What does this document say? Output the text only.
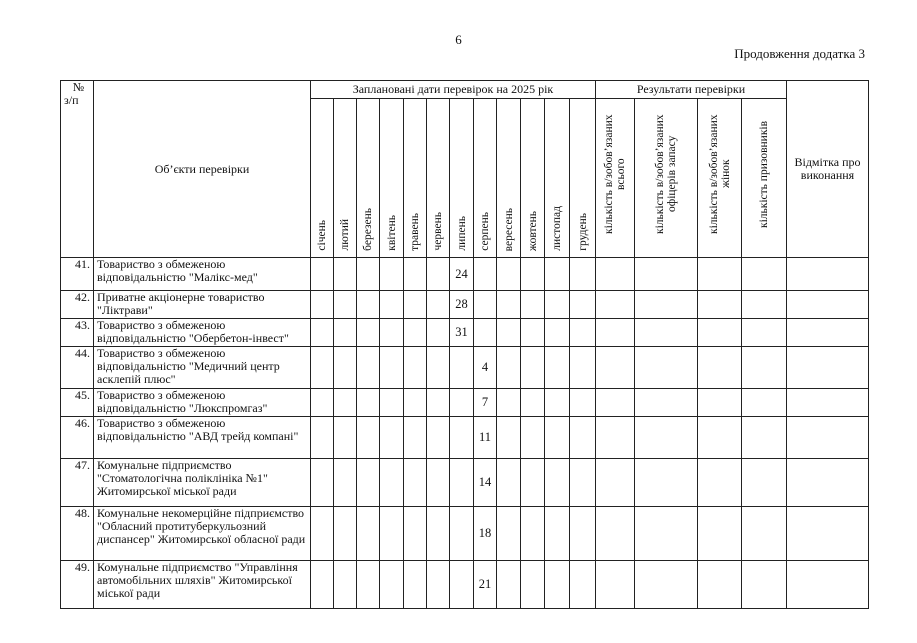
6
Продовження додатка 3
№
з/п	Об’єкти перевірки	Заплановані дати перевірок на 2025 рік												Результати перевірки				Відмітка про виконання

		січень	лютий	березень	квітень	травень	червень	липень	серпень	вересень	жовтень	листопад	грудень	кількість в/зобов’язаних всього	кількість в/зобов’язаних офіцерів запасу	кількість в/зобов’язаних жінок	кількість призовників	

41.	Товариство з обмеженою відповідальністю "Малікс-мед"							24										
42.	Приватне акціонерне товариство "Ліктрави"							28										
43.	Товариство з обмеженою відповідальністю "Обербетон-інвест"							31										
44.	Товариство з обмеженою відповідальністю "Медичний центр асклепій плюс"								4									
45.	Товариство з обмеженою відповідальністю "Люкспромгаз"								7									
46.	Товариство з обмеженою відповідальністю "АВД трейд компані"								11									
47.	Комунальне підприємство "Стоматологічна поліклініка №1" Житомирської міської ради								14									
48.	Комунальне некомерційне підприємство "Обласний протитуберкульозний диспансер" Житомирської обласної ради								18									
49.	Комунальне підприємство "Управління автомобільних шляхів" Житомирської міської ради								21									
